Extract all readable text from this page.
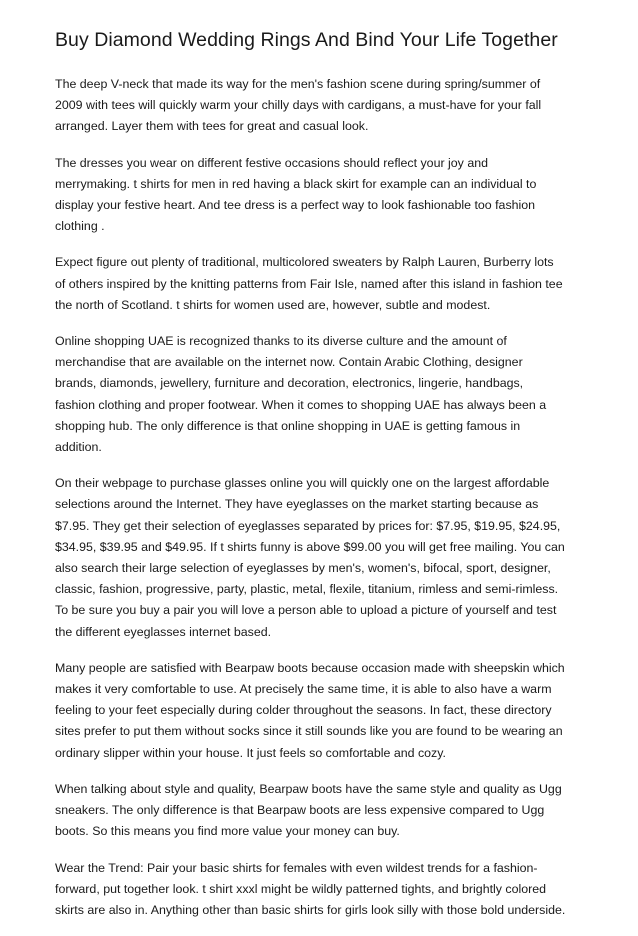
Buy Diamond Wedding Rings And Bind Your Life Together

The deep V-neck that made its way for the men's fashion scene during spring/summer of
2009 with tees will quickly warm your chilly days with cardigans, a must-have for your fall
arranged. Layer them with tees for great and casual look.

The dresses you wear on different festive occasions should reflect your joy and
merrymaking. t shirts for men in red having a black skirt for example can an individual to
display your festive heart. And tee dress is a perfect way to look fashionable too fashion
clothing .

Expect figure out plenty of traditional, multicolored sweaters by Ralph Lauren, Burberry lots
of others inspired by the knitting patterns from Fair Isle, named after this island in fashion tee
the north of Scotland. t shirts for women used are, however, subtle and modest.

Online shopping UAE is recognized thanks to its diverse culture and the amount of
merchandise that are available on the internet now. Contain Arabic Clothing, designer
brands, diamonds, jewellery, furniture and decoration, electronics, lingerie, handbags,
fashion clothing and proper footwear. When it comes to shopping UAE has always been a
shopping hub. The only difference is that online shopping in UAE is getting famous in
addition.

On their webpage to purchase glasses online you will quickly one on the largest affordable
selections around the Internet. They have eyeglasses on the market starting because as
$7.95. They get their selection of eyeglasses separated by prices for: $7.95, $19.95, $24.95,
$34.95, $39.95 and $49.95. If t shirts funny is above $99.00 you will get free mailing. You can
also search their large selection of eyeglasses by men's, women's, bifocal, sport, designer,
classic, fashion, progressive, party, plastic, metal, flexile, titanium, rimless and semi-rimless.
To be sure you buy a pair you will love a person able to upload a picture of yourself and test
the different eyeglasses internet based.

Many people are satisfied with Bearpaw boots because occasion made with sheepskin which
makes it very comfortable to use. At precisely the same time, it is able to also have a warm
feeling to your feet especially during colder throughout the seasons. In fact, these directory
sites prefer to put them without socks since it still sounds like you are found to be wearing an
ordinary slipper within your house. It just feels so comfortable and cozy.

When talking about style and quality, Bearpaw boots have the same style and quality as Ugg
sneakers. The only difference is that Bearpaw boots are less expensive compared to Ugg
boots. So this means you find more value your money can buy.

Wear the Trend: Pair your basic shirts for females with even wildest trends for a fashion-
forward, put together look. t shirt xxxl might be wildly patterned tights, and brightly colored
skirts are also in. Anything other than basic shirts for girls look silly with those bold underside.
